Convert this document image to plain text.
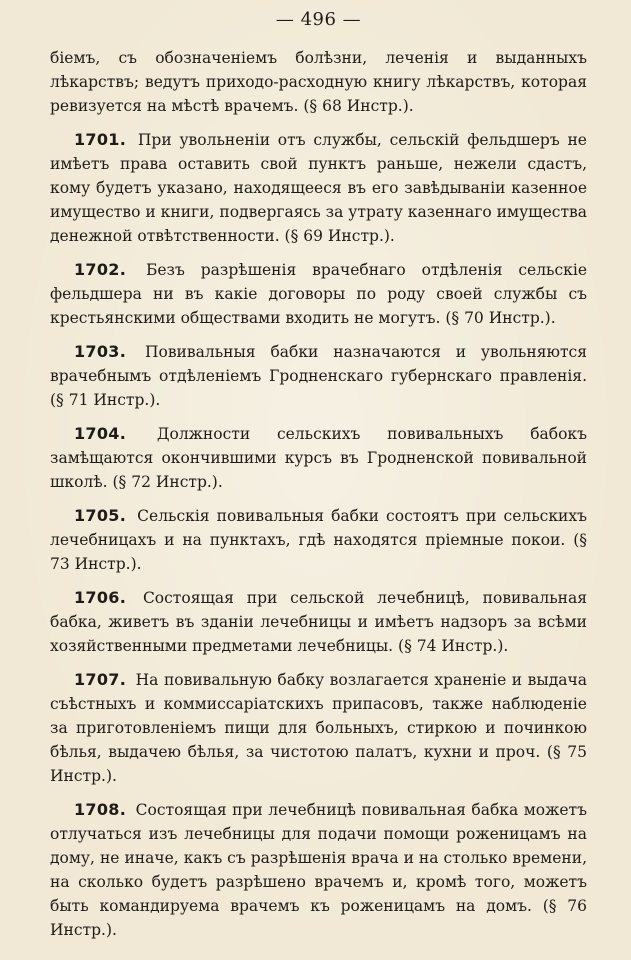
— 496 —

біемъ, съ обозначеніемъ болѣзни, леченія и выданныхъ лѣкарствъ; ведутъ приходо-расходную книгу лѣкарствъ, которая ревизуется на мѣстѣ врачемъ. (§ 68 Инстр.).

1701. При увольненіи отъ службы, сельскій фельдшеръ не имѣетъ права оставить свой пунктъ раньше, нежели сдастъ, кому будетъ указано, находящееся въ его завѣдываніи казенное имущество и книги, подвергаясь за утрату казеннаго имущества денежной отвѣтственности. (§ 69 Инстр.).

1702. Безъ разрѣшенія врачебнаго отдѣленія сельскіе фельдшера ни въ какіе договоры по роду своей службы съ крестьянскими обществами входить не могутъ. (§ 70 Инстр.).

1703. Повивальныя бабки назначаются и увольняются врачебнымъ отдѣленіемъ Гродненскаго губернскаго правленія. (§ 71 Инстр.).

1704. Должности сельскихъ повивальныхъ бабокъ замѣщаются окончившими курсъ въ Гродненской повивальной школѣ. (§ 72 Инстр.).

1705. Сельскія повивальныя бабки состоятъ при сельскихъ лечебницахъ и на пунктахъ, гдѣ находятся пріемные покои. (§ 73 Инстр.).

1706. Состоящая при сельской лечебницѣ, повивальная бабка, живетъ въ зданіи лечебницы и имѣетъ надзоръ за всѣми хозяйственными предметами лечебницы. (§ 74 Инстр.).

1707. На повивальную бабку возлагается храненіе и выдача съѣстныхъ и коммиссаріатскихъ припасовъ, также наблюденіе за приготовленіемъ пищи для больныхъ, стиркою и починкою бѣлья, выдачею бѣлья, за чистотою палатъ, кухни и проч. (§ 75 Инстр.).

1708. Состоящая при лечебницѣ повивальная бабка можетъ отлучаться изъ лечебницы для подачи помощи роженицамъ на дому, не иначе, какъ съ разрѣшенія врача и на столько времени, на сколько будетъ разрѣшено врачемъ и, кромѣ того, можетъ быть командируема врачемъ къ роженицамъ на домъ. (§ 76 Инстр.).
